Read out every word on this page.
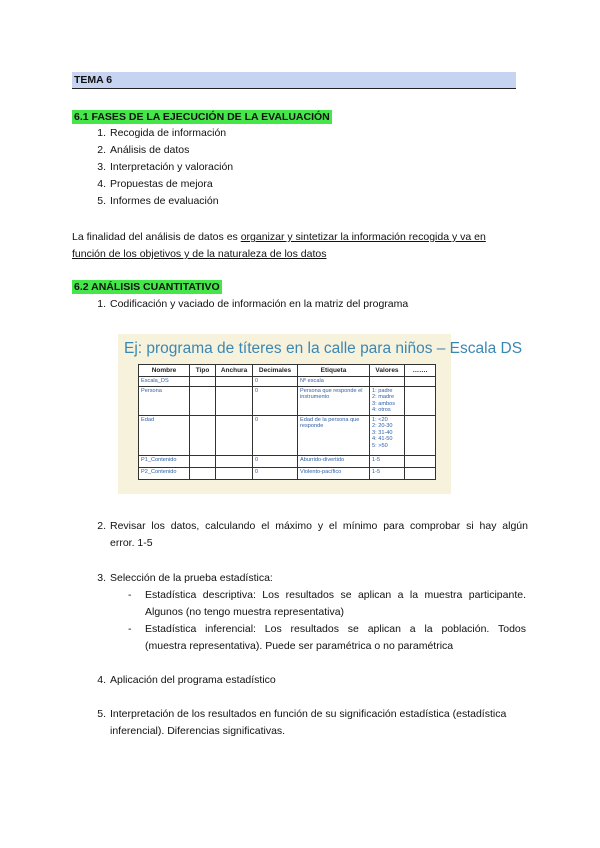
TEMA 6
6.1 FASES DE LA EJECUCIÓN DE LA EVALUACIÓN
1. Recogida de información
2. Análisis de datos
3. Interpretación y valoración
4. Propuestas de mejora
5. Informes de evaluación
La finalidad del análisis de datos es organizar y sintetizar la información recogida y va en
función de los objetivos y de la naturaleza de los datos
6.2 ANÁLISIS CUANTITATIVO
1. Codificación y vaciado de información en la matriz del programa
Ej: programa de títeres en la calle para niños – Escala DS
Nombre	Tipo	Anchura	Decimales	Etiqueta	Valores	…….
Escala_DS			0	Nº escala		
Persona			0	Persona que responde el instrumento	1: padre
2: madre
3: ambos
4: otros	
Edad			0	Edad de la persona que responde	1: <20
2: 20-30
3: 31-40
4: 41-50
5: >50	
P1_Contenido			0	Aburrido-divertido	1-5	
P2_Contenido			0	Violento-pacífico	1-5	
2. Revisar los datos, calculando el máximo y el mínimo para comprobar si hay algún
error. 1-5
3. Selección de la prueba estadística:
- Estadística descriptiva: Los resultados se aplican a la muestra participante.
Algunos (no tengo muestra representativa)
- Estadística inferencial: Los resultados se aplican a la población. Todos
(muestra representativa). Puede ser paramétrica o no paramétrica
4. Aplicación del programa estadístico
5. Interpretación de los resultados en función de su significación estadística (estadística
inferencial). Diferencias significativas.
